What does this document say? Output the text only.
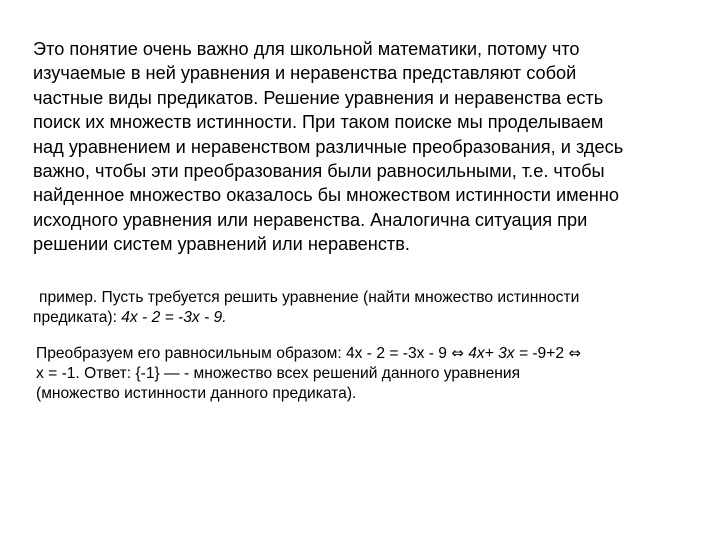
Это понятие очень важно для школьной математики, потому что
изучаемые в ней уравнения и неравенства представляют собой
частные виды предикатов. Решение уравнения и неравенства есть
поиск их множеств истинности. При таком поиске мы проделываем
над уравнением и неравенством различные преобразования, и здесь
важно, чтобы эти преобразования были равносильными, т.е. чтобы
найденное множество оказалось бы множеством истинности именно
исходного уравнения или неравенства. Аналогична ситуация при
решении систем уравнений или неравенств.
пример. Пусть требуется решить уравнение (найти множество истинности
предиката): 4x - 2 = -3x - 9.
Преобразуем его равносильным образом: 4x - 2 = -3x - 9 ⇔ 4x+ 3x = -9+2 ⇔
x = -1. Ответ: {-1} — - множество всех решений данного уравнения
(множество истинности данного предиката).
